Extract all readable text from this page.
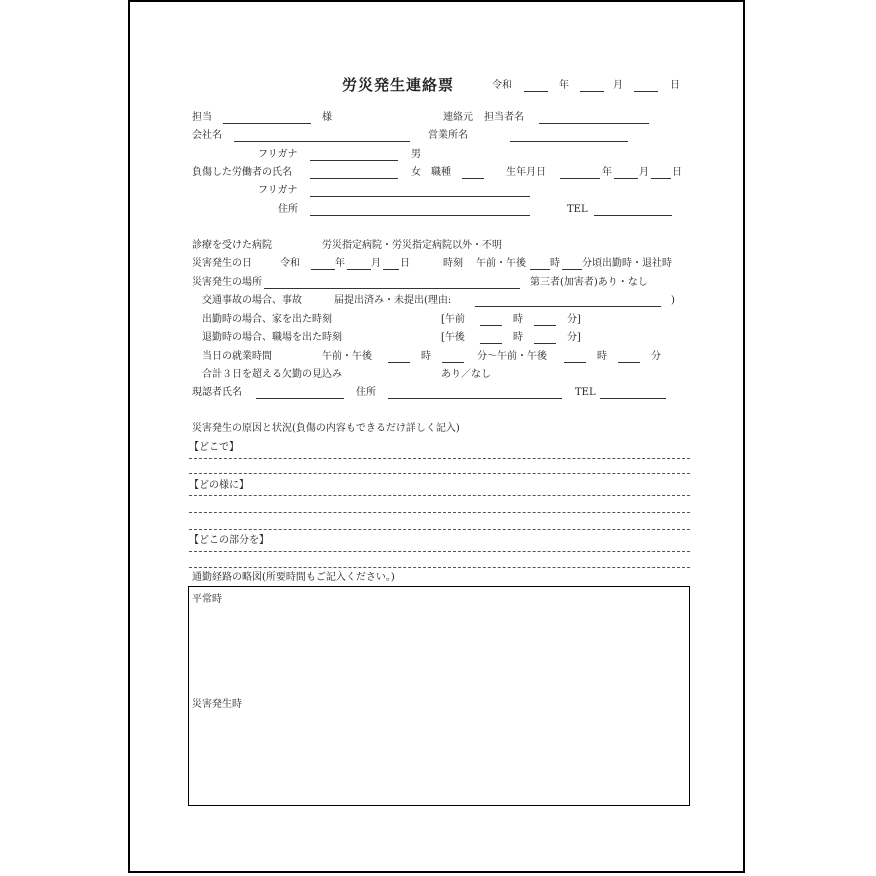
労災発生連絡票	令和	年	月	日
担当	様	連絡元 担当者名
会社名	営業所名
フリガナ	男
負傷した労働者の氏名	女 職種	生年月日	年	月 日
フリガナ
住所	TEL
診療を受けた病院	労災指定病院・労災指定病院以外・不明
災害発生の日	令和	年	月 日	時刻 午前・午後 時 分頃出勤時・退社時
災害発生の場所	第三者(加害者)あり・なし
交通事故の場合、事故	届提出済み・未提出(理由:	)
出勤時の場合、家を出た時刻	[午前	時	分]
退勤時の場合、職場を出た時刻	[午後	時	分]
当日の就業時間	午前・午後	時	分〜午前・午後	時	分
合計３日を超える欠勤の見込み	あり／なし
現認者氏名	住所	TEL
災害発生の原因と状況(負傷の内容もできるだけ詳しく記入)
【どこで】
【どの様に】
【どこの部分を】
通勤経路の略図(所要時間もご記入ください。)
平常時
災害発生時
